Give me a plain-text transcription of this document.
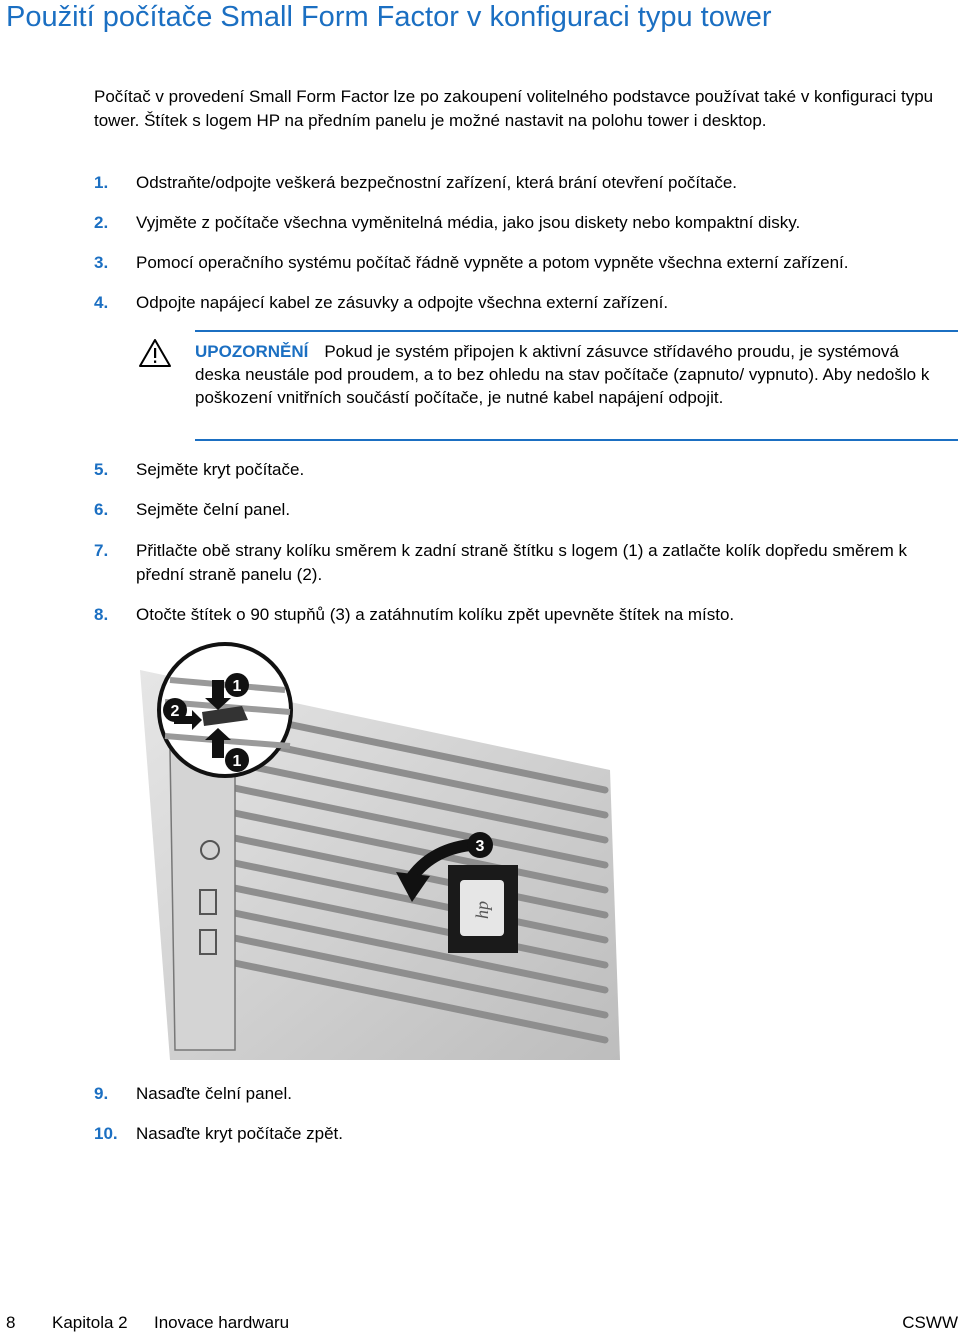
Použití počítače Small Form Factor v konfiguraci typu tower
Počítač v provedení Small Form Factor lze po zakoupení volitelného podstavce používat také v konfiguraci typu tower. Štítek s logem HP na předním panelu je možné nastavit na polohu tower i desktop.
1.	Odstraňte/odpojte veškerá bezpečnostní zařízení, která brání otevření počítače.
2.	Vyjměte z počítače všechna vyměnitelná média, jako jsou diskety nebo kompaktní disky.
3.	Pomocí operačního systému počítač řádně vypněte a potom vypněte všechna externí zařízení.
4.	Odpojte napájecí kabel ze zásuvky a odpojte všechna externí zařízení.
UPOZORNĚNÍ Pokud je systém připojen k aktivní zásuvce střídavého proudu, je systémová deska neustále pod proudem, a to bez ohledu na stav počítače (zapnuto/ vypnuto). Aby nedošlo k poškození vnitřních součástí počítače, je nutné kabel napájení odpojit.
5.	Sejměte kryt počítače.
6.	Sejměte čelní panel.
7.	Přitlačte obě strany kolíku směrem k zadní straně štítku s logem (1) a zatlačte kolík dopředu směrem k přední straně panelu (2).
8.	Otočte štítek o 90 stupňů (3) a zatáhnutím kolíku zpět upevněte štítek na místo.
1
2
1
3
hp
9.	Nasaďte čelní panel.
10.	Nasaďte kryt počítače zpět.
8 Kapitola 2 Inovace hardwaru	CSWW
